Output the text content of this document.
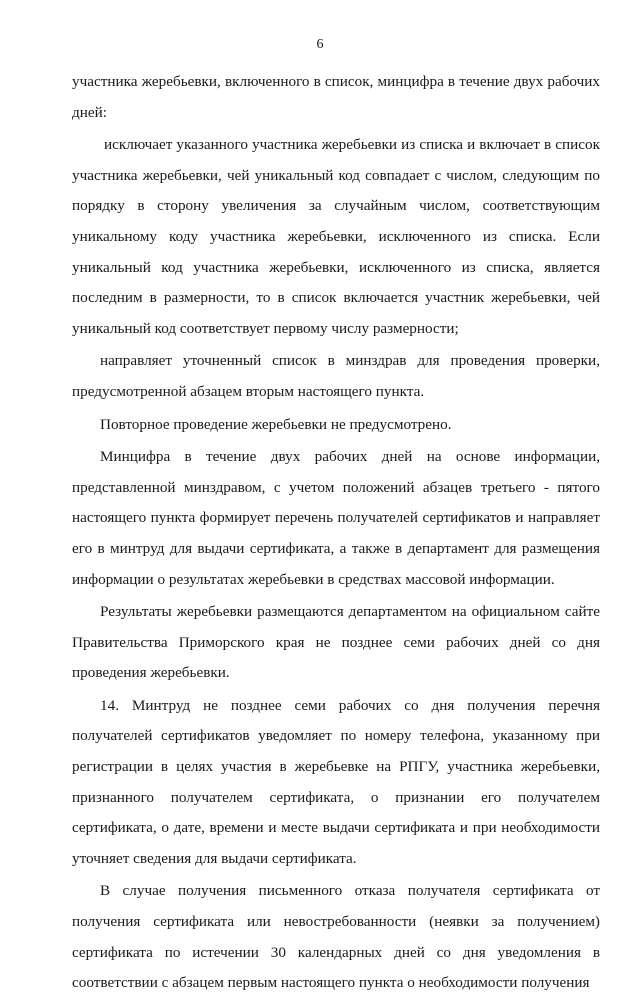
6

участника жеребьевки, включенного в список, минцифра в течение двух рабочих дней:

исключает указанного участника жеребьевки из списка и включает в список участника жеребьевки, чей уникальный код совпадает с числом, следующим по порядку в сторону увеличения за случайным числом, соответствующим уникальному коду участника жеребьевки, исключенного из списка. Если уникальный код участника жеребьевки, исключенного из списка, является последним в размерности, то в список включается участник жеребьевки, чей уникальный код соответствует первому числу размерности;

направляет уточненный список в минздрав для проведения проверки, предусмотренной абзацем вторым настоящего пункта.

Повторное проведение жеребьевки не предусмотрено.

Минцифра в течение двух рабочих дней на основе информации, представленной минздравом, с учетом положений абзацев третьего - пятого настоящего пункта формирует перечень получателей сертификатов и направляет его в минтруд для выдачи сертификата, а также в департамент для размещения информации о результатах жеребьевки в средствах массовой информации.

Результаты жеребьевки размещаются департаментом на официальном сайте Правительства Приморского края не позднее семи рабочих дней со дня проведения жеребьевки.

14. Минтруд не позднее семи рабочих со дня получения перечня получателей сертификатов уведомляет по номеру телефона, указанному при регистрации в целях участия в жеребьевке на РПГУ, участника жеребьевки, признанного получателем сертификата, о признании его получателем сертификата, о дате, времени и месте выдачи сертификата и при необходимости уточняет сведения для выдачи сертификата.

В случае получения письменного отказа получателя сертификата от получения сертификата или невостребованности (неявки за получением) сертификата по истечении 30 календарных дней со дня уведомления в соответствии с абзацем первым настоящего пункта о необходимости получения
